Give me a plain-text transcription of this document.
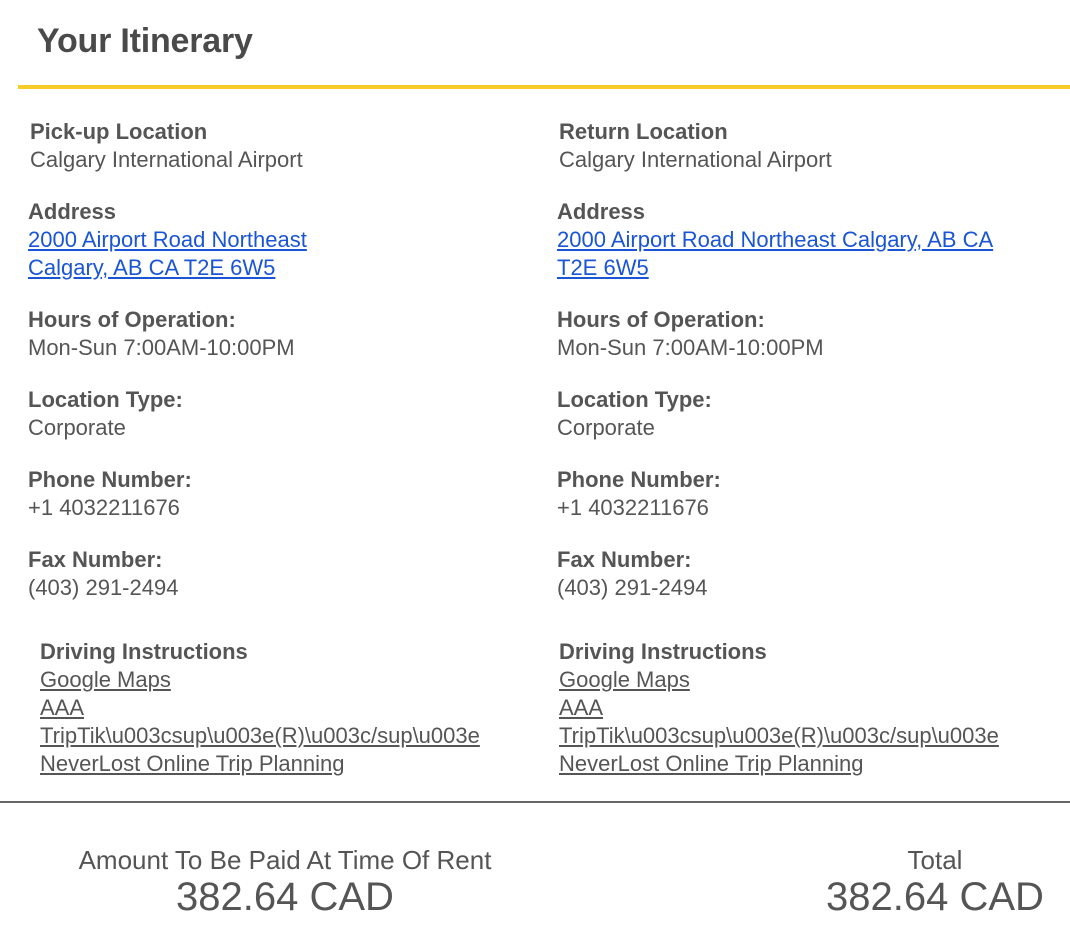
Your Itinerary
Pick-up Location
Calgary International Airport
Address
2000 Airport Road Northeast
Calgary, AB CA T2E 6W5
Hours of Operation:
Mon-Sun 7:00AM-10:00PM
Location Type:
Corporate
Phone Number:
+1 4032211676
Fax Number:
(403) 291-2494
Driving Instructions
Google Maps
AAA
TripTik\u003csup\u003e(R)\u003c/sup\u003e
NeverLost Online Trip Planning
Return Location
Calgary International Airport
Address
2000 Airport Road Northeast Calgary, AB CA
T2E 6W5
Hours of Operation:
Mon-Sun 7:00AM-10:00PM
Location Type:
Corporate
Phone Number:
+1 4032211676
Fax Number:
(403) 291-2494
Driving Instructions
Google Maps
AAA
TripTik\u003csup\u003e(R)\u003c/sup\u003e
NeverLost Online Trip Planning
Amount To Be Paid At Time Of Rent
382.64 CAD
Total
382.64 CAD
